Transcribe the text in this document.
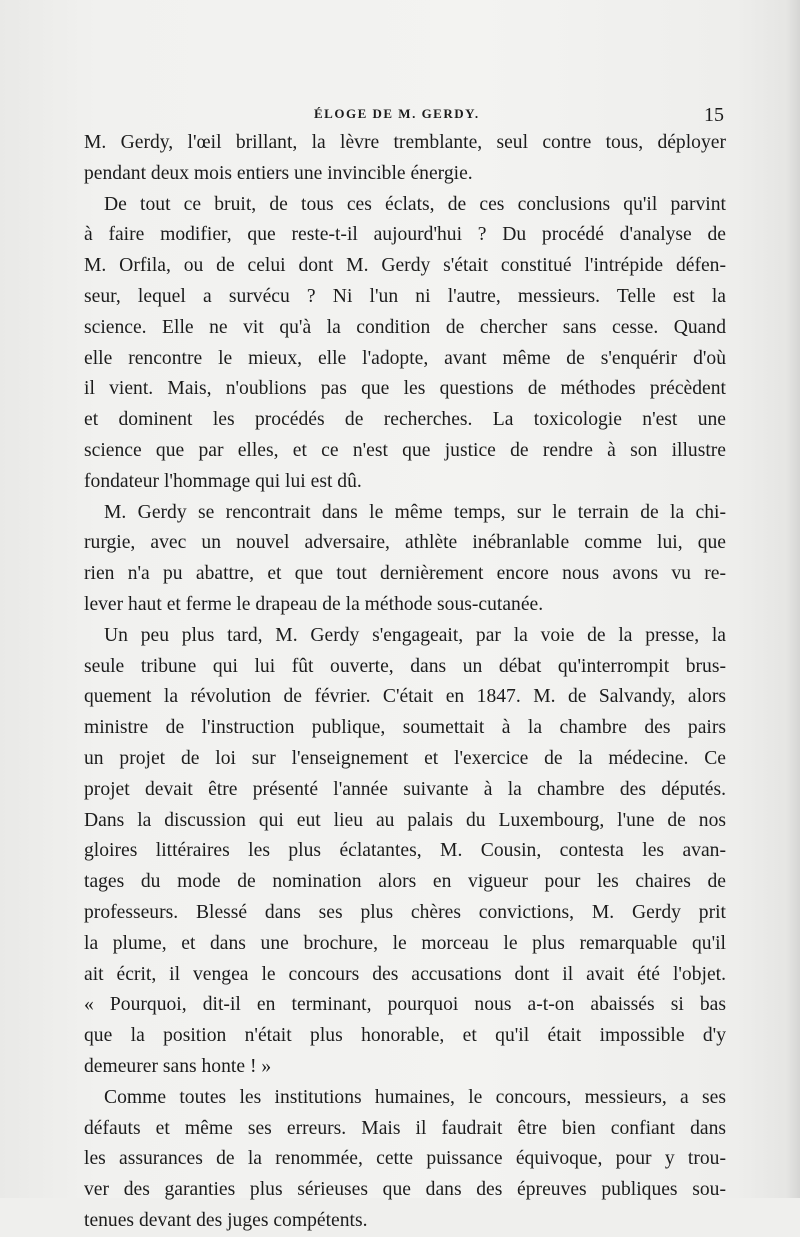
ÉLOGE DE M. GERDY.	15
M. Gerdy, l'œil brillant, la lèvre tremblante, seul contre tous, déployer
pendant deux mois entiers une invincible énergie.
De tout ce bruit, de tous ces éclats, de ces conclusions qu'il parvint
à faire modifier, que reste-t-il aujourd'hui ? Du procédé d'analyse de
M. Orfila, ou de celui dont M. Gerdy s'était constitué l'intrépide défen-
seur, lequel a survécu ? Ni l'un ni l'autre, messieurs. Telle est la
science. Elle ne vit qu'à la condition de chercher sans cesse. Quand
elle rencontre le mieux, elle l'adopte, avant même de s'enquérir d'où
il vient. Mais, n'oublions pas que les questions de méthodes précèdent
et dominent les procédés de recherches. La toxicologie n'est une
science que par elles, et ce n'est que justice de rendre à son illustre
fondateur l'hommage qui lui est dû.
M. Gerdy se rencontrait dans le même temps, sur le terrain de la chi-
rurgie, avec un nouvel adversaire, athlète inébranlable comme lui, que
rien n'a pu abattre, et que tout dernièrement encore nous avons vu re-
lever haut et ferme le drapeau de la méthode sous-cutanée.
Un peu plus tard, M. Gerdy s'engageait, par la voie de la presse, la
seule tribune qui lui fût ouverte, dans un débat qu'interrompit brus-
quement la révolution de février. C'était en 1847. M. de Salvandy, alors
ministre de l'instruction publique, soumettait à la chambre des pairs
un projet de loi sur l'enseignement et l'exercice de la médecine. Ce
projet devait être présenté l'année suivante à la chambre des députés.
Dans la discussion qui eut lieu au palais du Luxembourg, l'une de nos
gloires littéraires les plus éclatantes, M. Cousin, contesta les avan-
tages du mode de nomination alors en vigueur pour les chaires de
professeurs. Blessé dans ses plus chères convictions, M. Gerdy prit
la plume, et dans une brochure, le morceau le plus remarquable qu'il
ait écrit, il vengea le concours des accusations dont il avait été l'objet.
« Pourquoi, dit-il en terminant, pourquoi nous a-t-on abaissés si bas
que la position n'était plus honorable, et qu'il était impossible d'y
demeurer sans honte ! »
Comme toutes les institutions humaines, le concours, messieurs, a ses
défauts et même ses erreurs. Mais il faudrait être bien confiant dans
les assurances de la renommée, cette puissance équivoque, pour y trou-
ver des garanties plus sérieuses que dans des épreuves publiques sou-
tenues devant des juges compétents.
